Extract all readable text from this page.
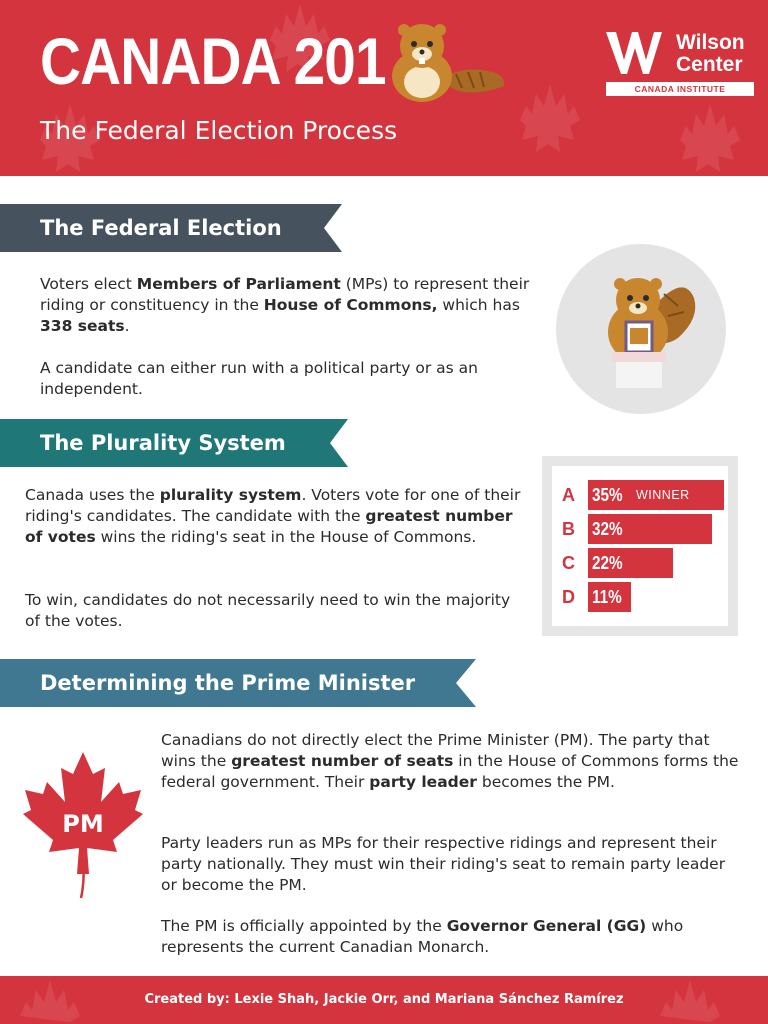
CANADA 201
The Federal Election Process
Wilson
Center
CANADA INSTITUTE
The Federal Election
Voters elect Members of Parliament (MPs) to represent their riding or constituency in the House of Commons, which has 338 seats.
A candidate can either run with a political party or as an independent.
The Plurality System
Canada uses the plurality system. Voters vote for one of their riding's candidates. The candidate with the greatest number of votes wins the riding's seat in the House of Commons.
To win, candidates do not necessarily need to win the majority of the votes.
A 35% WINNER
B 32%
C 22%
D 11%
Determining the Prime Minister
PM
Canadians do not directly elect the Prime Minister (PM). The party that wins the greatest number of seats in the House of Commons forms the federal government. Their party leader becomes the PM.
Party leaders run as MPs for their respective ridings and represent their party nationally. They must win their riding's seat to remain party leader or become the PM.
The PM is officially appointed by the Governor General (GG) who represents the current Canadian Monarch.
Created by: Lexie Shah, Jackie Orr, and Mariana Sánchez Ramírez
